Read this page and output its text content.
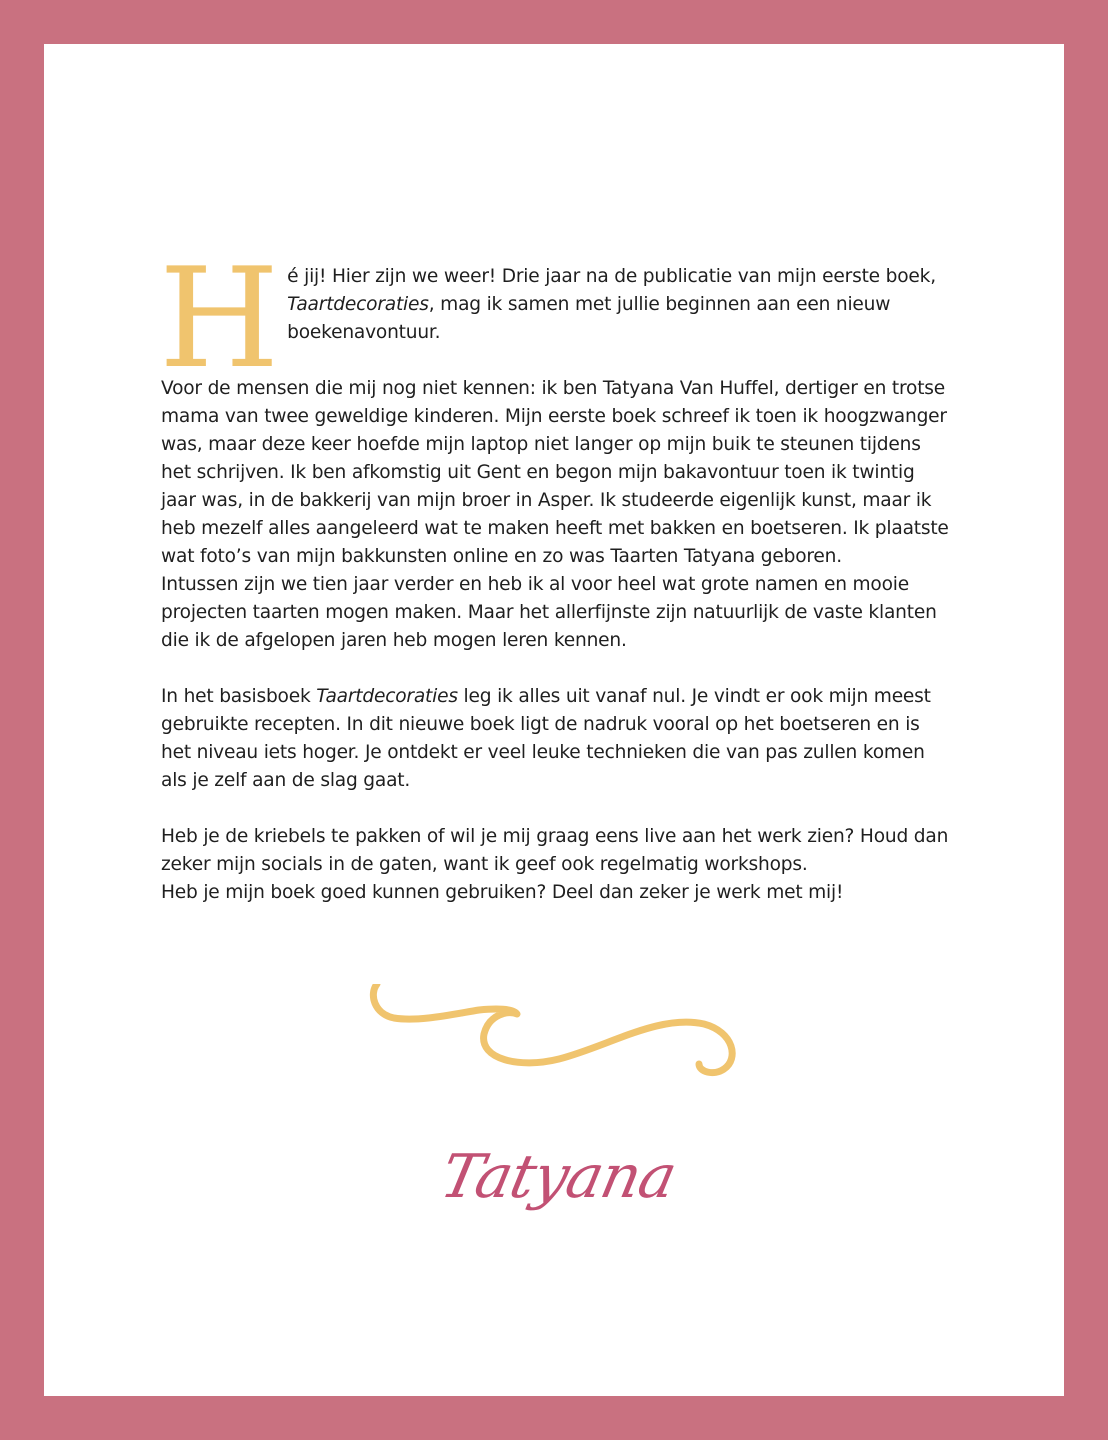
H é jij! Hier zijn we weer! Drie jaar na de publicatie van mijn eerste boek,
Taartdecoraties, mag ik samen met jullie beginnen aan een nieuw boekenavontuur.

Voor de mensen die mij nog niet kennen: ik ben Tatyana Van Huffel, dertiger en trotse mama van twee geweldige kinderen. Mijn eerste boek schreef ik toen ik hoogzwanger was, maar deze keer hoefde mijn laptop niet langer op mijn buik te steunen tijdens het schrijven. Ik ben afkomstig uit Gent en begon mijn bakavontuur toen ik twintig jaar was, in de bakkerij van mijn broer in Asper. Ik studeerde eigenlijk kunst, maar ik heb mezelf alles aangeleerd wat te maken heeft met bakken en boetseren. Ik plaatste wat foto’s van mijn bakkunsten online en zo was Taarten Tatyana geboren.

Intussen zijn we tien jaar verder en heb ik al voor heel wat grote namen en mooie projecten taarten mogen maken. Maar het allerfijnste zijn natuurlijk de vaste klanten die ik de afgelopen jaren heb mogen leren kennen.

In het basisboek Taartdecoraties leg ik alles uit vanaf nul. Je vindt er ook mijn meest gebruikte recepten. In dit nieuwe boek ligt de nadruk vooral op het boetseren en is het niveau iets hoger. Je ontdekt er veel leuke technieken die van pas zullen komen als je zelf aan de slag gaat.

Heb je de kriebels te pakken of wil je mij graag eens live aan het werk zien? Houd dan zeker mijn socials in de gaten, want ik geef ook regelmatig workshops.

Heb je mijn boek goed kunnen gebruiken? Deel dan zeker je werk met mij!

Tatyana
